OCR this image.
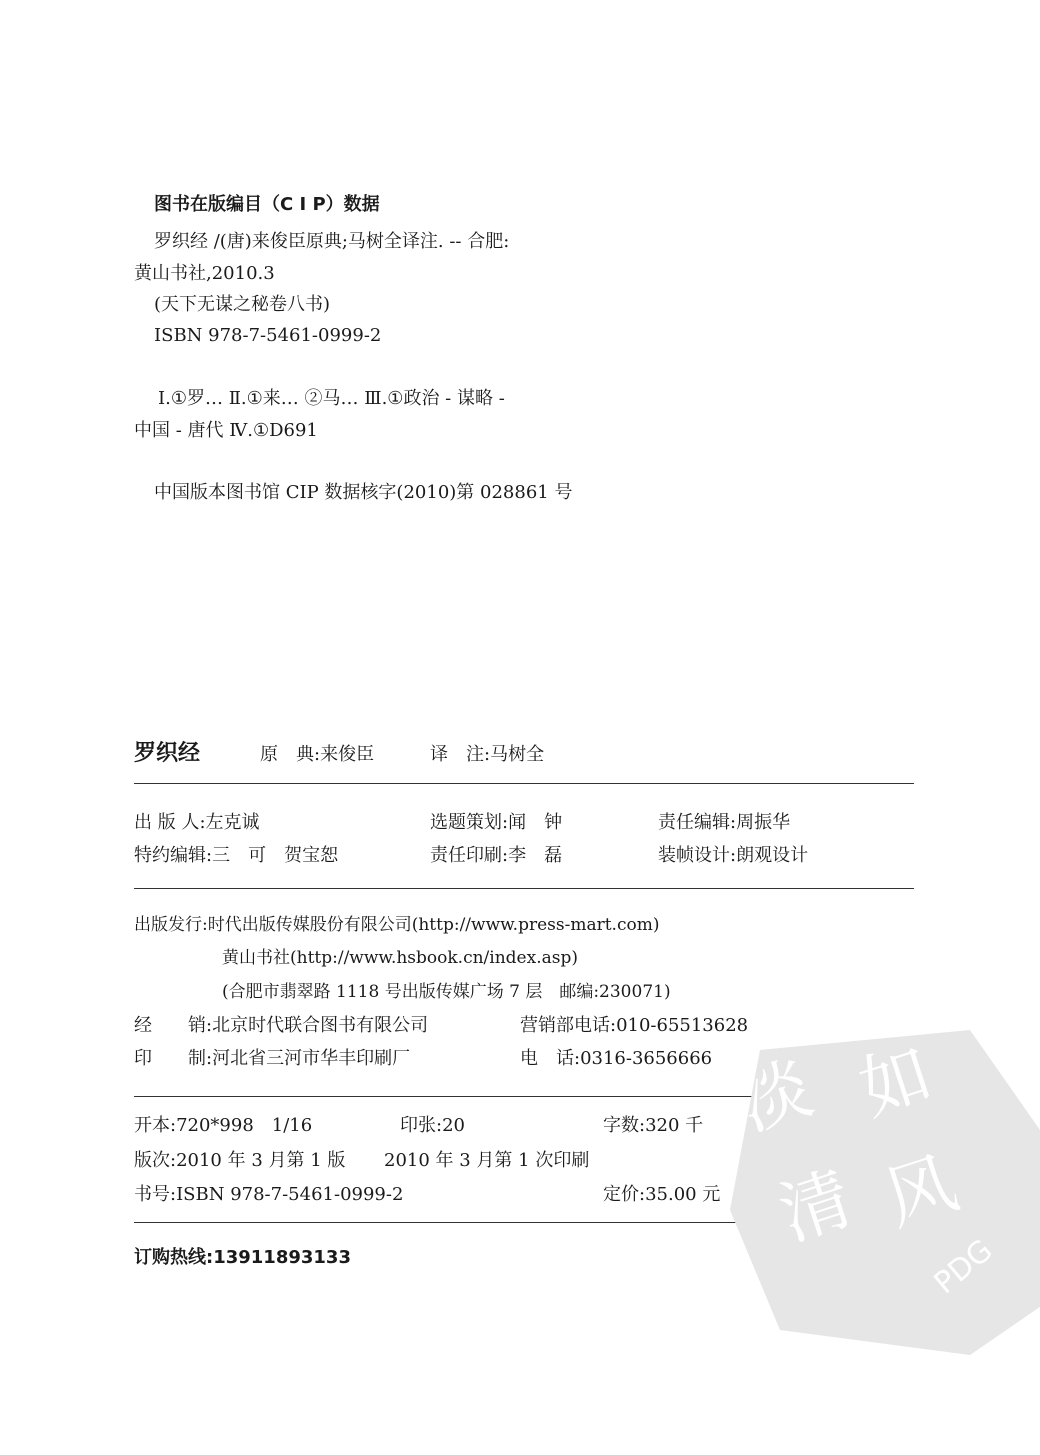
图书在版编目（C I P）数据
罗织经 /(唐)来俊臣原典;马树全译注. -- 合肥:
黄山书社,2010.3
(天下无谋之秘卷八书)
ISBN 978-7-5461-0999-2
Ⅰ.①罗… Ⅱ.①来… ②马… Ⅲ.①政治 - 谋略 -
中国 - 唐代 Ⅳ.①D691
中国版本图书馆 CIP 数据核字(2010)第 028861 号
罗织经	原　典:来俊臣	译　注:马树全
出 版 人:左克诚	选题策划:闻　钟	责任编辑:周振华
特约编辑:三　可　贺宝恕	责任印刷:李　磊	装帧设计:朗观设计
出版发行:时代出版传媒股份有限公司(http://www.press-mart.com)
黄山书社(http://www.hsbook.cn/index.asp)
(合肥市翡翠路 1118 号出版传媒广场 7 层　邮编:230071)
经　　销:北京时代联合图书有限公司	营销部电话:010-65513628
印　　制:河北省三河市华丰印刷厂	电　话:0316-3656666
开本:720*998　1/16	印张:20	字数:320 千
版次:2010 年 3 月第 1 版 2010 年 3 月第 1 次印刷
书号:ISBN 978-7-5461-0999-2	定价:35.00 元
订购热线:13911893133
淡 如
清 风
PDG
